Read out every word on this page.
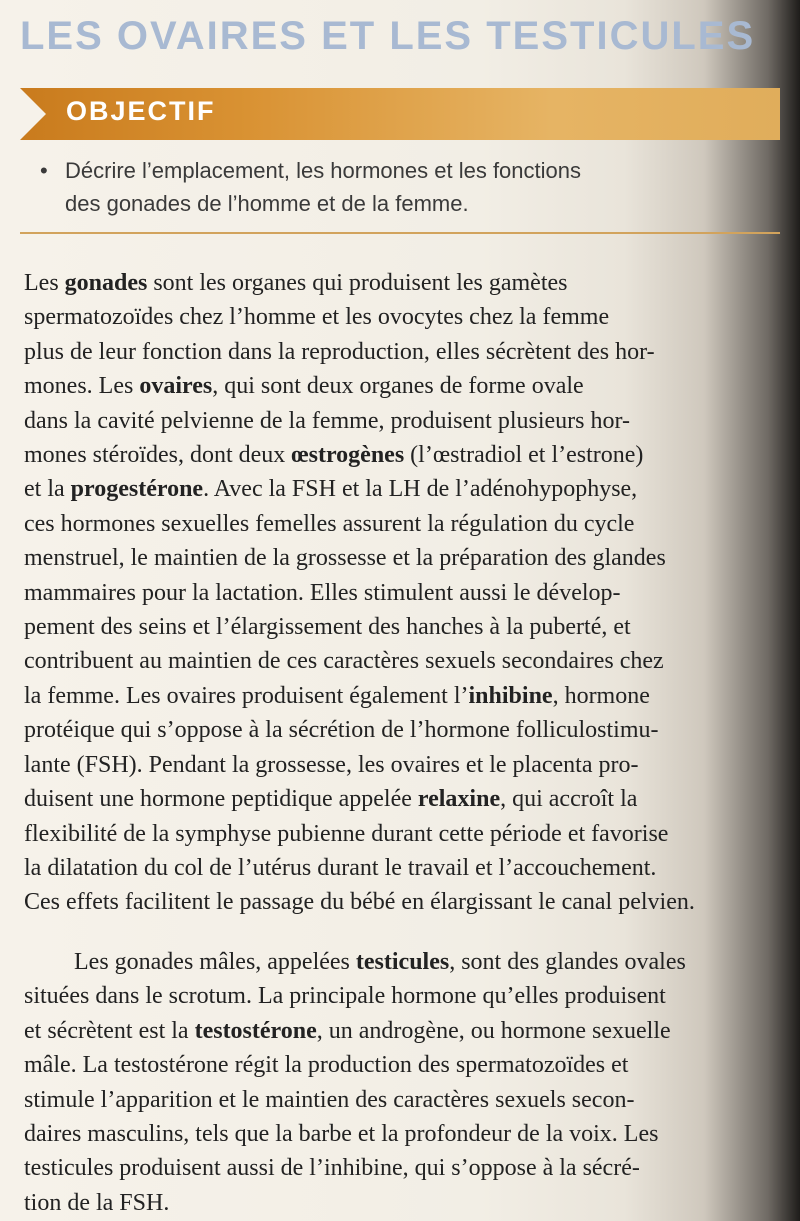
LES OVAIRES ET LES TESTICULES
OBJECTIF
• Décrire l’emplacement, les hormones et les fonctions
des gonades de l’homme et de la femme.
Les gonades sont les organes qui produisent les gamètes
spermatozoïdes chez l’homme et les ovocytes chez la femme
plus de leur fonction dans la reproduction, elles sécrètent des hor-
mones. Les ovaires, qui sont deux organes de forme ovale
dans la cavité pelvienne de la femme, produisent plusieurs hor-
mones stéroïdes, dont deux œstrogènes (l’œstradiol et l’estrone)
et la progestérone. Avec la FSH et la LH de l’adénohypophyse,
ces hormones sexuelles femelles assurent la régulation du cycle
menstruel, le maintien de la grossesse et la préparation des glandes
mammaires pour la lactation. Elles stimulent aussi le dévelop-
pement des seins et l’élargissement des hanches à la puberté, et
contribuent au maintien de ces caractères sexuels secondaires chez
la femme. Les ovaires produisent également l’inhibine, hormone
protéique qui s’oppose à la sécrétion de l’hormone folliculostimu-
lante (FSH). Pendant la grossesse, les ovaires et le placenta pro-
duisent une hormone peptidique appelée relaxine, qui accroît la
flexibilité de la symphyse pubienne durant cette période et favorise
la dilatation du col de l’utérus durant le travail et l’accouchement.
Ces effets facilitent le passage du bébé en élargissant le canal pelvien.
Les gonades mâles, appelées testicules, sont des glandes ovales
situées dans le scrotum. La principale hormone qu’elles produisent
et sécrètent est la testostérone, un androgène, ou hormone sexuelle
mâle. La testostérone régit la production des spermatozoïdes et
stimule l’apparition et le maintien des caractères sexuels secon-
daires masculins, tels que la barbe et la profondeur de la voix. Les
testicules produisent aussi de l’inhibine, qui s’oppose à la sécré-
tion de la FSH.
